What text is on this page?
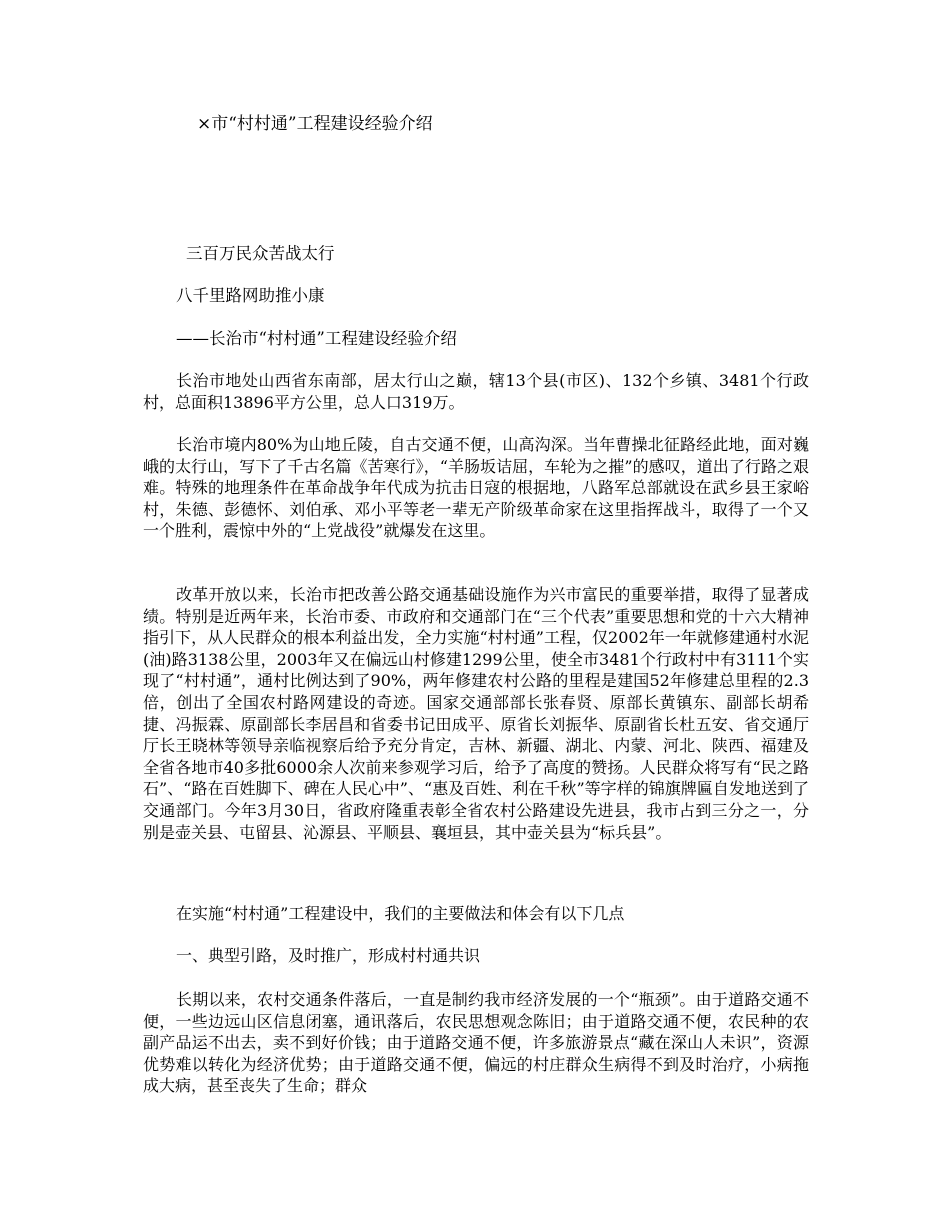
×市“村村通”工程建设经验介绍
三百万民众苦战太行
八千里路网助推小康
——长治市“村村通”工程建设经验介绍

长治市地处山西省东南部，居太行山之巅，辖13个县(市区)、132个乡镇、3481个行政村，总面积13896平方公里，总人口319万。

长治市境内80%为山地丘陵，自古交通不便，山高沟深。当年曹操北征路经此地，面对巍峨的太行山，写下了千古名篇《苦寒行》，“羊肠坂诘屈，车轮为之摧”的感叹，道出了行路之艰难。特殊的地理条件在革命战争年代成为抗击日寇的根据地，八路军总部就设在武乡县王家峪村，朱德、彭德怀、刘伯承、邓小平等老一辈无产阶级革命家在这里指挥战斗，取得了一个又一个胜利，震惊中外的“上党战役”就爆发在这里。

改革开放以来，长治市把改善公路交通基础设施作为兴市富民的重要举措，取得了显著成绩。特别是近两年来，长治市委、市政府和交通部门在“三个代表”重要思想和党的十六大精神指引下，从人民群众的根本利益出发，全力实施“村村通”工程，仅2002年一年就修建通村水泥(油)路3138公里，2003年又在偏远山村修建1299公里，使全市3481个行政村中有3111个实现了“村村通”，通村比例达到了90%，两年修建农村公路的里程是建国52年修建总里程的2.3倍，创出了全国农村路网建设的奇迹。国家交通部部长张春贤、原部长黄镇东、副部长胡希捷、冯振霖、原副部长李居昌和省委书记田成平、原省长刘振华、原副省长杜五安、省交通厅厅长王晓林等领导亲临视察后给予充分肯定，吉林、新疆、湖北、内蒙、河北、陕西、福建及全省各地市40多批6000余人次前来参观学习后，给予了高度的赞扬。人民群众将写有“民之路石”、“路在百姓脚下、碑在人民心中”、“惠及百姓、利在千秋”等字样的锦旗牌匾自发地送到了交通部门。今年3月30日，省政府隆重表彰全省农村公路建设先进县，我市占到三分之一，分别是壶关县、屯留县、沁源县、平顺县、襄垣县，其中壶关县为“标兵县”。

在实施“村村通”工程建设中，我们的主要做法和体会有以下几点
一、典型引路，及时推广，形成村村通共识

长期以来，农村交通条件落后，一直是制约我市经济发展的一个“瓶颈”。由于道路交通不便，一些边远山区信息闭塞，通讯落后，农民思想观念陈旧；由于道路交通不便，农民种的农副产品运不出去，卖不到好价钱；由于道路交通不便，许多旅游景点“藏在深山人未识”，资源优势难以转化为经济优势；由于道路交通不便，偏远的村庄群众生病得不到及时治疗，小病拖成大病，甚至丧失了生命；群众
